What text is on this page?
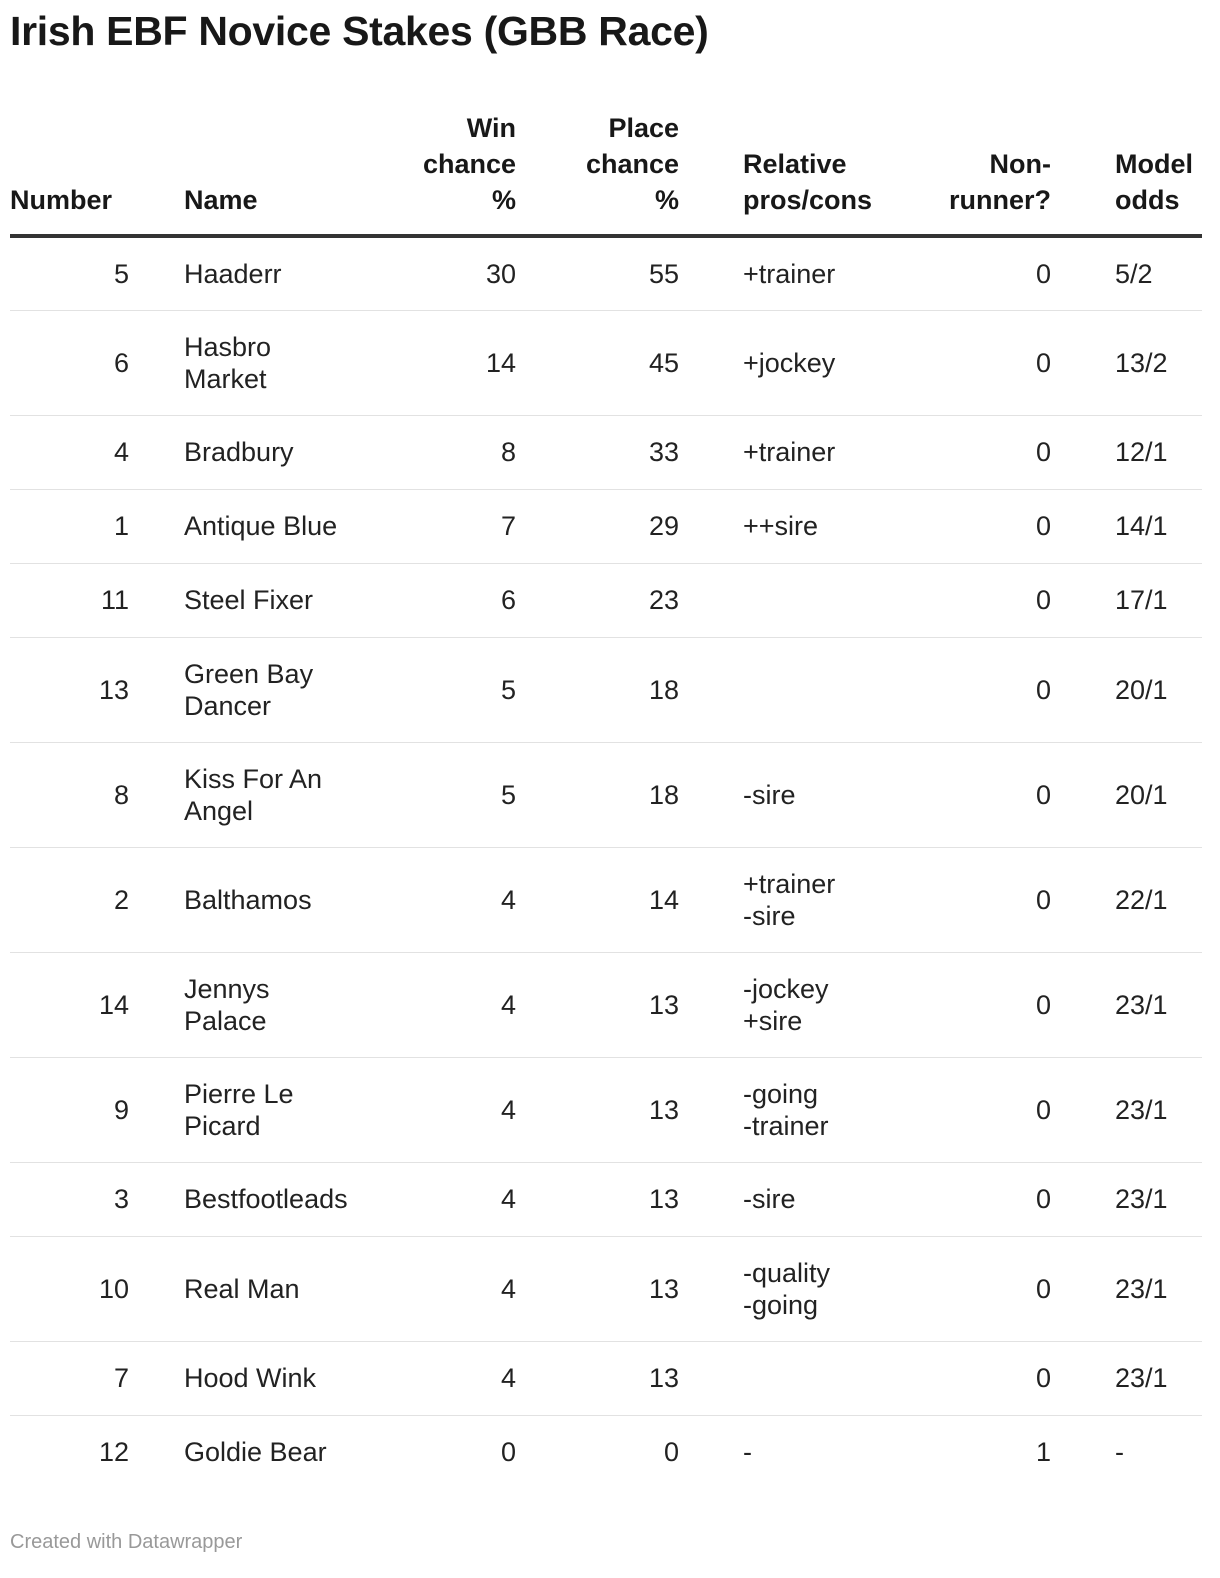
Irish EBF Novice Stakes (GBB Race)
Number	Name	Win
chance
%	Place
chance
%	Relative
pros/cons	Non-
runner?	Model
odds
5	Haaderr	30	55	+trainer	0	5/2
6	Hasbro
Market	14	45	+jockey	0	13/2
4	Bradbury	8	33	+trainer	0	12/1
1	Antique Blue	7	29	++sire	0	14/1
11	Steel Fixer	6	23		0	17/1
13	Green Bay
Dancer	5	18		0	20/1
8	Kiss For An
Angel	5	18	-sire	0	20/1
2	Balthamos	4	14	+trainer
-sire	0	22/1
14	Jennys
Palace	4	13	-jockey
+sire	0	23/1
9	Pierre Le
Picard	4	13	-going
-trainer	0	23/1
3	Bestfootleads	4	13	-sire	0	23/1
10	Real Man	4	13	-quality
-going	0	23/1
7	Hood Wink	4	13		0	23/1
12	Goldie Bear	0	0	-	1	-
Created with Datawrapper
